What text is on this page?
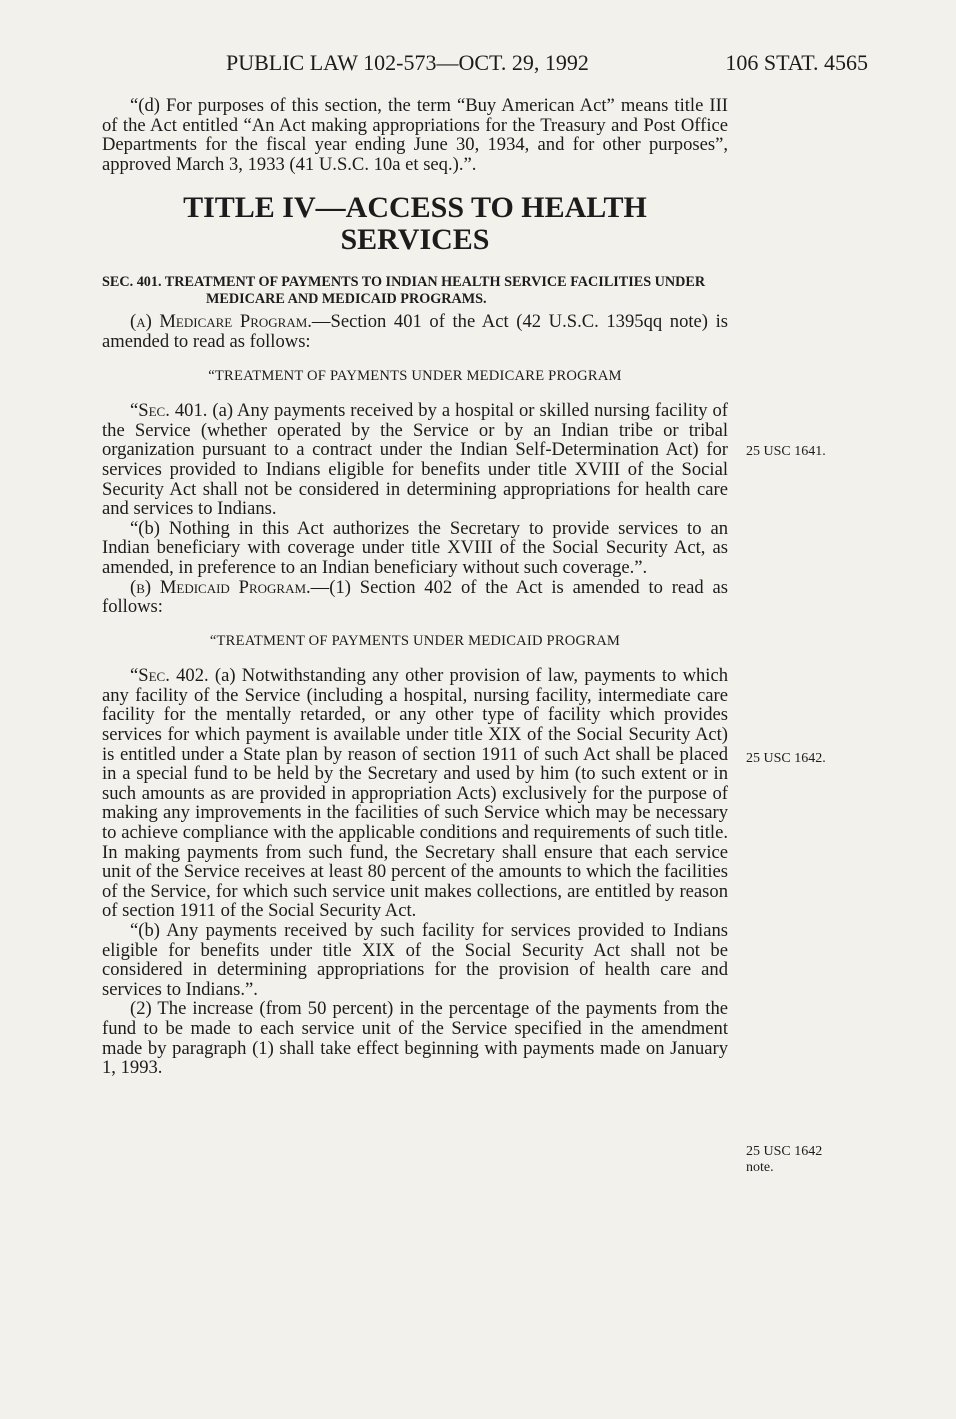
PUBLIC LAW 102-573—OCT. 29, 1992	106 STAT. 4565

“(d) For purposes of this section, the term “Buy American Act” means title III of the Act entitled “An Act making appropriations for the Treasury and Post Office Departments for the fiscal year ending June 30, 1934, and for other purposes”, approved March 3, 1933 (41 U.S.C. 10a et seq.).”.

TITLE IV—ACCESS TO HEALTH
SERVICES
SEC. 401. TREATMENT OF PAYMENTS TO INDIAN HEALTH SERVICE FACILITIES UNDER MEDICARE AND MEDICAID PROGRAMS.

(a) Medicare Program.—Section 401 of the Act (42 U.S.C. 1395qq note) is amended to read as follows:

“TREATMENT OF PAYMENTS UNDER MEDICARE PROGRAM

“Sec. 401. (a) Any payments received by a hospital or skilled nursing facility of the Service (whether operated by the Service or by an Indian tribe or tribal organization pursuant to a contract under the Indian Self-Determination Act) for services provided to Indians eligible for benefits under title XVIII of the Social Security Act shall not be considered in determining appropriations for health care and services to Indians.

“(b) Nothing in this Act authorizes the Secretary to provide services to an Indian beneficiary with coverage under title XVIII of the Social Security Act, as amended, in preference to an Indian beneficiary without such coverage.”.

(b) Medicaid Program.—(1) Section 402 of the Act is amended to read as follows:

“TREATMENT OF PAYMENTS UNDER MEDICAID PROGRAM

“Sec. 402. (a) Notwithstanding any other provision of law, payments to which any facility of the Service (including a hospital, nursing facility, intermediate care facility for the mentally retarded, or any other type of facility which provides services for which payment is available under title XIX of the Social Security Act) is entitled under a State plan by reason of section 1911 of such Act shall be placed in a special fund to be held by the Secretary and used by him (to such extent or in such amounts as are provided in appropriation Acts) exclusively for the purpose of making any improvements in the facilities of such Service which may be necessary to achieve compliance with the applicable conditions and requirements of such title. In making payments from such fund, the Secretary shall ensure that each service unit of the Service receives at least 80 percent of the amounts to which the facilities of the Service, for which such service unit makes collections, are entitled by reason of section 1911 of the Social Security Act.

“(b) Any payments received by such facility for services provided to Indians eligible for benefits under title XIX of the Social Security Act shall not be considered in determining appropriations for the provision of health care and services to Indians.”.

(2) The increase (from 50 percent) in the percentage of the payments from the fund to be made to each service unit of the Service specified in the amendment made by paragraph (1) shall take effect beginning with payments made on January 1, 1993.

25 USC 1641.
25 USC 1642.
25 USC 1642
note.
